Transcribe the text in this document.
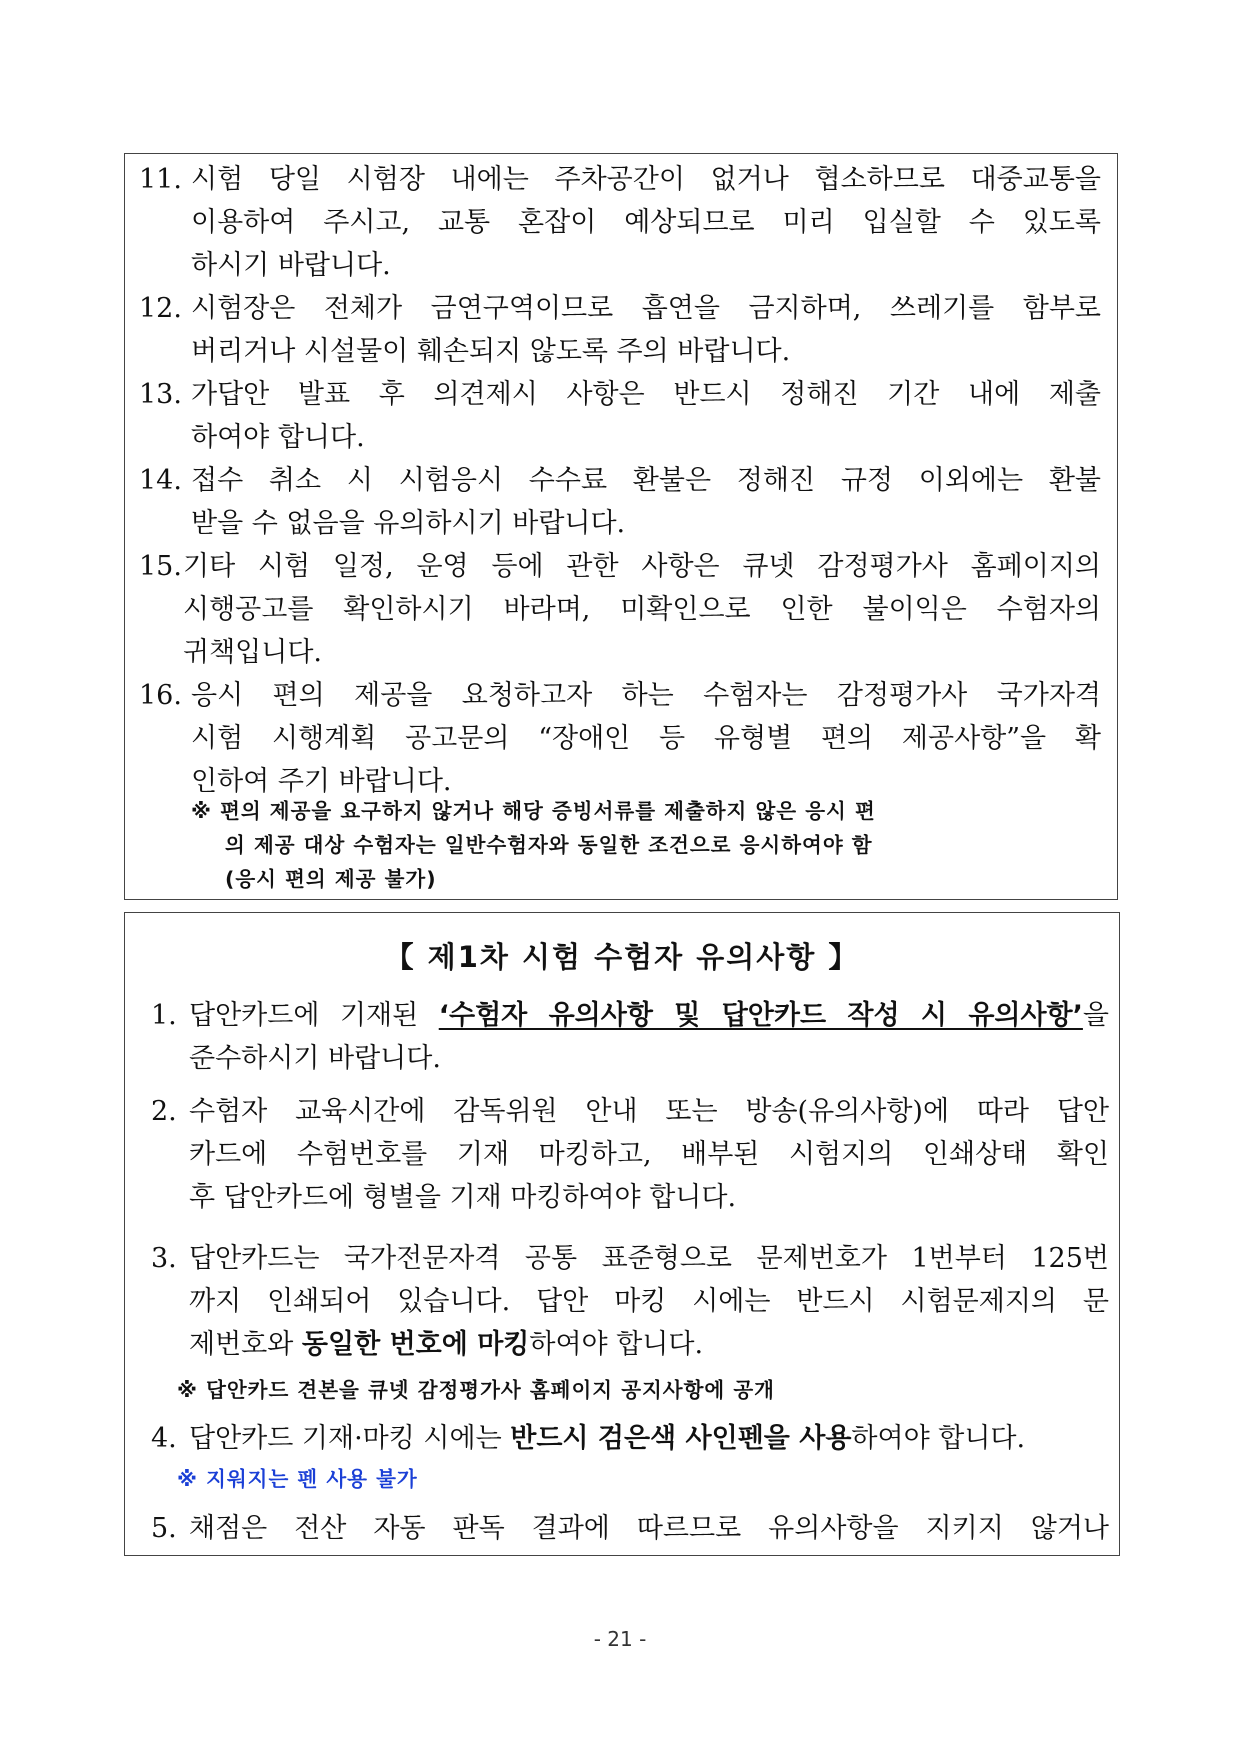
11. 시험 당일 시험장 내에는 주차공간이 없거나 협소하므로 대중교통을
이용하여 주시고, 교통 혼잡이 예상되므로 미리 입실할 수 있도록
하시기 바랍니다.
12. 시험장은 전체가 금연구역이므로 흡연을 금지하며, 쓰레기를 함부로
버리거나 시설물이 훼손되지 않도록 주의 바랍니다.
13. 가답안 발표 후 의견제시 사항은 반드시 정해진 기간 내에 제출
하여야 합니다.
14. 접수 취소 시 시험응시 수수료 환불은 정해진 규정 이외에는 환불
받을 수 없음을 유의하시기 바랍니다.
15. 기타 시험 일정, 운영 등에 관한 사항은 큐넷 감정평가사 홈페이지의
시행공고를 확인하시기 바라며, 미확인으로 인한 불이익은 수험자의
귀책입니다.
16. 응시 편의 제공을 요청하고자 하는 수험자는 감정평가사 국가자격
시험 시행계획 공고문의 “장애인 등 유형별 편의 제공사항”을 확
인하여 주기 바랍니다.
※ 편의 제공을 요구하지 않거나 해당 증빙서류를 제출하지 않은 응시 편
의 제공 대상 수험자는 일반수험자와 동일한 조건으로 응시하여야 함
(응시 편의 제공 불가)
【 제1차 시험 수험자 유의사항 】
1. 답안카드에 기재된 ‘수험자 유의사항 및 답안카드 작성 시 유의사항’을
준수하시기 바랍니다.
2. 수험자 교육시간에 감독위원 안내 또는 방송(유의사항)에 따라 답안
카드에 수험번호를 기재 마킹하고, 배부된 시험지의 인쇄상태 확인
후 답안카드에 형별을 기재 마킹하여야 합니다.
3. 답안카드는 국가전문자격 공통 표준형으로 문제번호가 1번부터 125번
까지 인쇄되어 있습니다. 답안 마킹 시에는 반드시 시험문제지의 문
제번호와 동일한 번호에 마킹하여야 합니다.
※ 답안카드 견본을 큐넷 감정평가사 홈페이지 공지사항에 공개
4. 답안카드 기재·마킹 시에는 반드시 검은색 사인펜을 사용하여야 합니다.
※ 지워지는 펜 사용 불가
5. 채점은 전산 자동 판독 결과에 따르므로 유의사항을 지키지 않거나
- 21 -
